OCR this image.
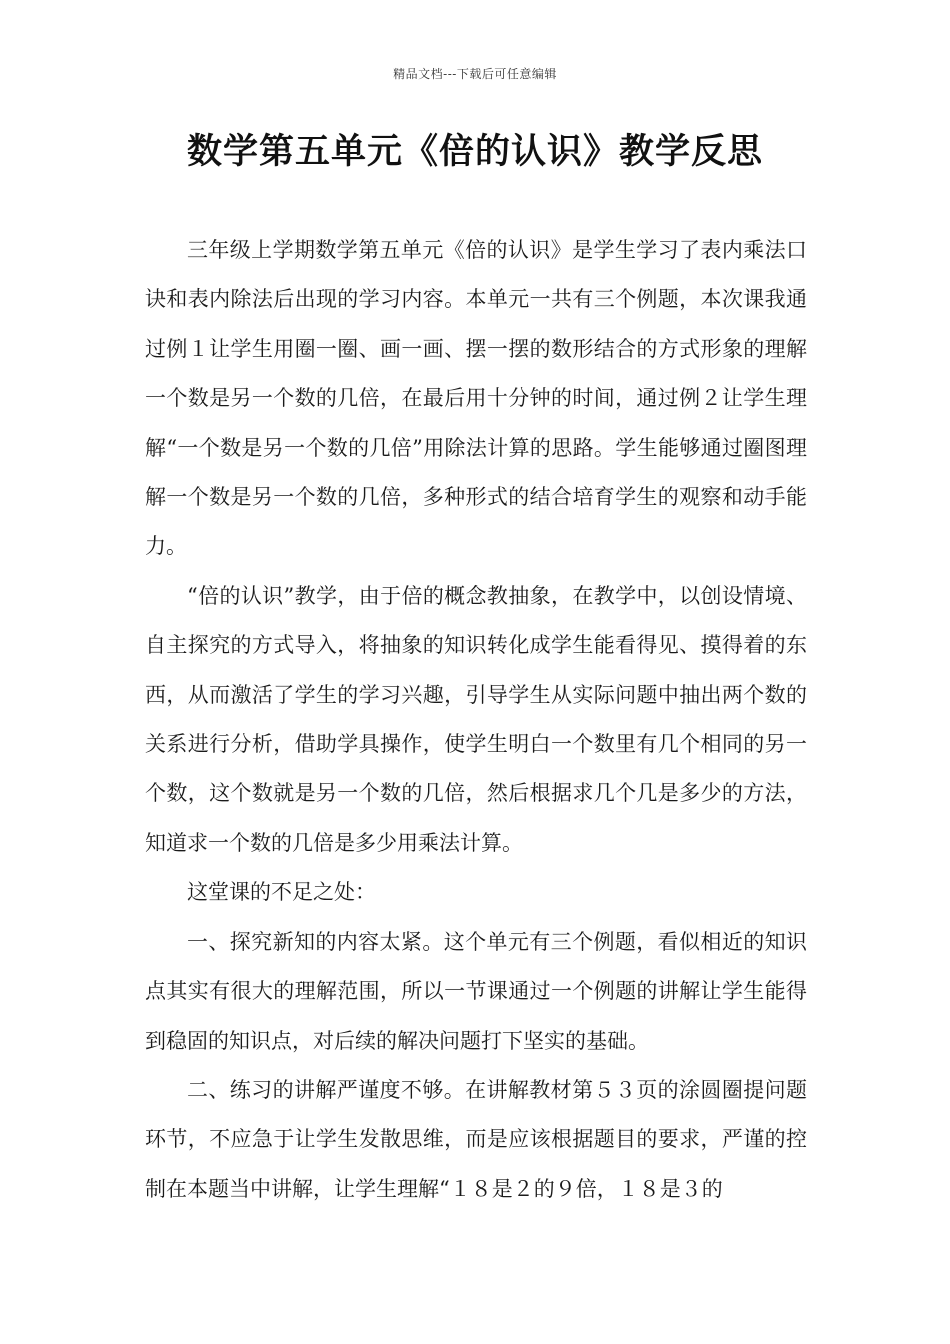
精品文档---下载后可任意编辑
数学第五单元《倍的认识》教学反思

三年级上学期数学第五单元《倍的认识》是学生学习了表内乘法口诀和表内除法后出现的学习内容。本单元一共有三个例题，本次课我通过例１让学生用圈一圈、画一画、摆一摆的数形结合的方式形象的理解一个数是另一个数的几倍，在最后用十分钟的时间，通过例２让学生理解“一个数是另一个数的几倍”用除法计算的思路。学生能够通过圈图理解一个数是另一个数的几倍，多种形式的结合培育学生的观察和动手能力。

“倍的认识”教学，由于倍的概念教抽象，在教学中，以创设情境、自主探究的方式导入，将抽象的知识转化成学生能看得见、摸得着的东西，从而激活了学生的学习兴趣，引导学生从实际问题中抽出两个数的关系进行分析，借助学具操作，使学生明白一个数里有几个相同的另一个数，这个数就是另一个数的几倍，然后根据求几个几是多少的方法，知道求一个数的几倍是多少用乘法计算。

这堂课的不足之处：

一、探究新知的内容太紧。这个单元有三个例题，看似相近的知识点其实有很大的理解范围，所以一节课通过一个例题的讲解让学生能得到稳固的知识点，对后续的解决问题打下坚实的基础。

二、练习的讲解严谨度不够。在讲解教材第５３页的涂圆圈提问题环节，不应急于让学生发散思维，而是应该根据题目的要求，严谨的控制在本题当中讲解，让学生理解“１８是２的９倍，１８是３的
